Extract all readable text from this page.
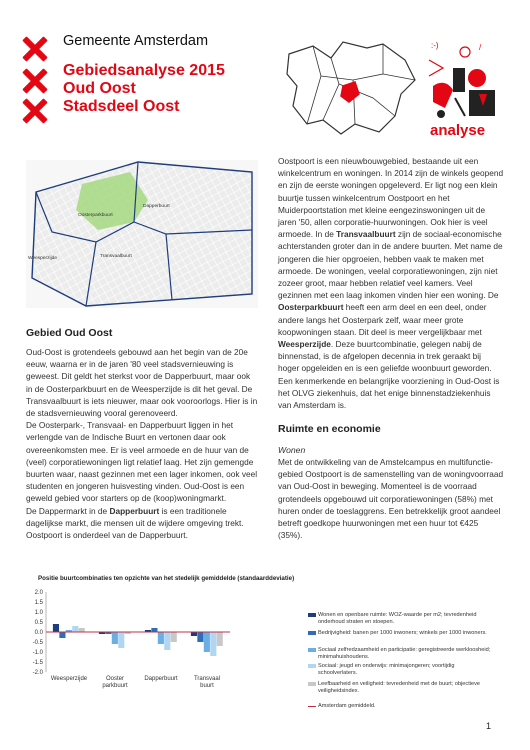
Gemeente Amsterdam
Gebiedsanalyse 2015
Oud Oost
Stadsdeel Oost
:-)	/
analyse
Oosterparkbuurt
Dapperbuurt
Weesperzijde	Transvaalbuurt
Gebied Oud Oost

Oud-Oost is grotendeels gebouwd aan het begin van de 20e eeuw, waarna er in de jaren '80 veel stadsvernieuwing is geweest. Dit geldt het sterkst voor de Dapperbuurt, maar ook in de Oosterparkbuurt en de Weesperzijde is dit het geval. De Transvaalbuurt is iets nieuwer, maar ook vooroorlogs. Hier is in de stadsvernieuwing vooral gerenoveerd.

De Oosterpark-, Transvaal- en Dapperbuurt liggen in het verlengde van de Indische Buurt en vertonen daar ook overeenkomsten mee. Er is veel armoede en de huur van de (veel) corporatiewoningen ligt relatief laag. Het zijn gemengde buurten waar, naast gezinnen met een lager inkomen, ook veel studenten en jongeren huisvesting vinden. Oud-Oost is een geweld gebied voor starters op de (koop)woningmarkt.

De Dappermarkt in de Dapperbuurt is een traditionele dagelijkse markt, die mensen uit de wijdere omgeving trekt. Oostpoort is onderdeel van de Dapperbuurt.

Oostpoort is een nieuwbouwgebied, bestaande uit een winkelcentrum en woningen. In 2014 zijn de winkels geopend en zijn de eerste woningen opgeleverd. Er ligt nog een klein buurtje tussen winkelcentrum Oostpoort en het Muiderpoortstation met kleine eengezinswoningen uit de jaren '50, allen corporatie-huurwoningen. Ook hier is veel armoede. In de Transvaalbuurt zijn de sociaal-economische achterstanden groter dan in de andere buurten. Met name de jongeren die hier opgroeien, hebben vaak te maken met armoede. De woningen, veelal corporatiewoningen, zijn niet zozeer groot, maar hebben relatief veel kamers. Veel gezinnen met een laag inkomen vinden hier een woning. De Oosterparkbuurt heeft een arm deel en een deel, onder andere langs het Oosterpark zelf, waar meer grote koopwoningen staan. Dit deel is meer vergelijkbaar met Weesperzijde. Deze buurtcombinatie, gelegen nabij de binnenstad, is de afgelopen decennia in trek geraakt bij hoger opgeleiden en is een geliefde woonbuurt geworden. Een kenmerkende en belangrijke voorziening in Oud-Oost is het OLVG ziekenhuis, dat het enige binnenstadziekenhuis van Amsterdam is.

Ruimte en economie
Wonen

Met de ontwikkeling van de Amstelcampus en multifunctie-gebied Oostpoort is de samenstelling van de woningvoorraad van Oud-Oost in beweging. Momenteel is de voorraad grotendeels opgebouwd uit corporatiewoningen (58%) met huren onder de toeslaggrens. Een betrekkelijk groot aandeel betreft goedkope huurwoningen met een huur tot €425 (35%).

Positie buurtcombinaties ten opzichte van het stedelijk gemiddelde (standaarddeviatie)
2.0
1.5
1.0
0.5
0.0
-0.5
-1.0
-1.5
-2.0
Weesperzijde	Ooster
parkbuurt
Dapperbuurt	Transvaal
buurt
Wonen en openbare ruimte: WOZ-waarde per m2; tevredenheid onderhoud straten en stoepen.
Bedrijvigheid: banen per 1000 inwoners; winkels per 1000 inwoners.
Sociaal zelfredzaamheid en participatie: geregistreerde werkloosheid; minimahuishoudens.
Sociaal: jeugd en onderwijs: minimajongeren; voortijdig schoolverlaters.
Leefbaarheid en veiligheid: tevredenheid met de buurt; objectieve veiligheidsindex.
Amsterdam gemiddeld.
1
